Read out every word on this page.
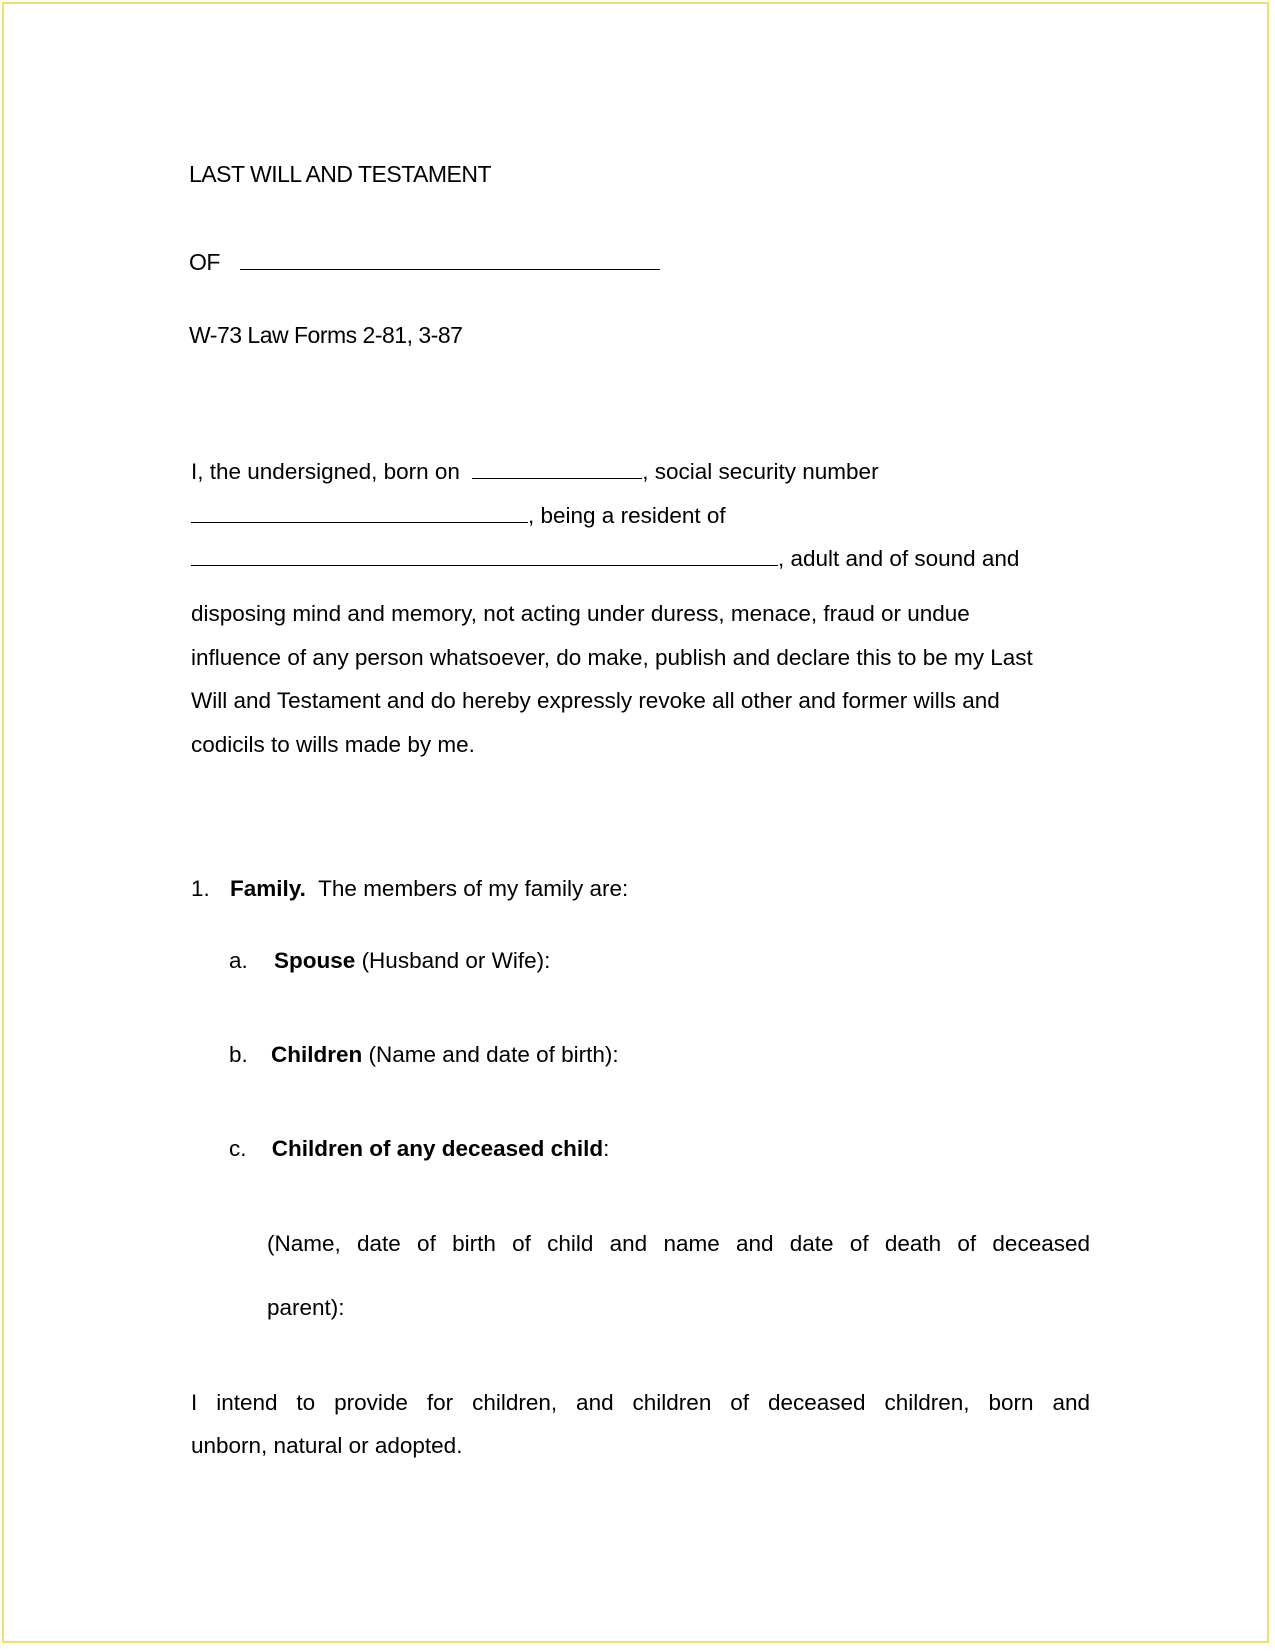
LAST WILL AND TESTAMENT
OF
W-73 Law Forms 2-81, 3-87
I, the undersigned, born on	, social security number
, being a resident of
, adult and of sound and
disposing mind and memory, not acting under duress, menace, fraud or undue influence of any person whatsoever, do make, publish and declare this to be my Last Will and Testament and do hereby expressly revoke all other and former wills and codicils to wills made by me.
1. Family. The members of my family are:
a. Spouse (Husband or Wife):
b. Children (Name and date of birth):
c. Children of any deceased child:
(Name, date of birth of child and name and date of death of deceased
parent):
I intend to provide for children, and children of deceased children, born and
unborn, natural or adopted.
